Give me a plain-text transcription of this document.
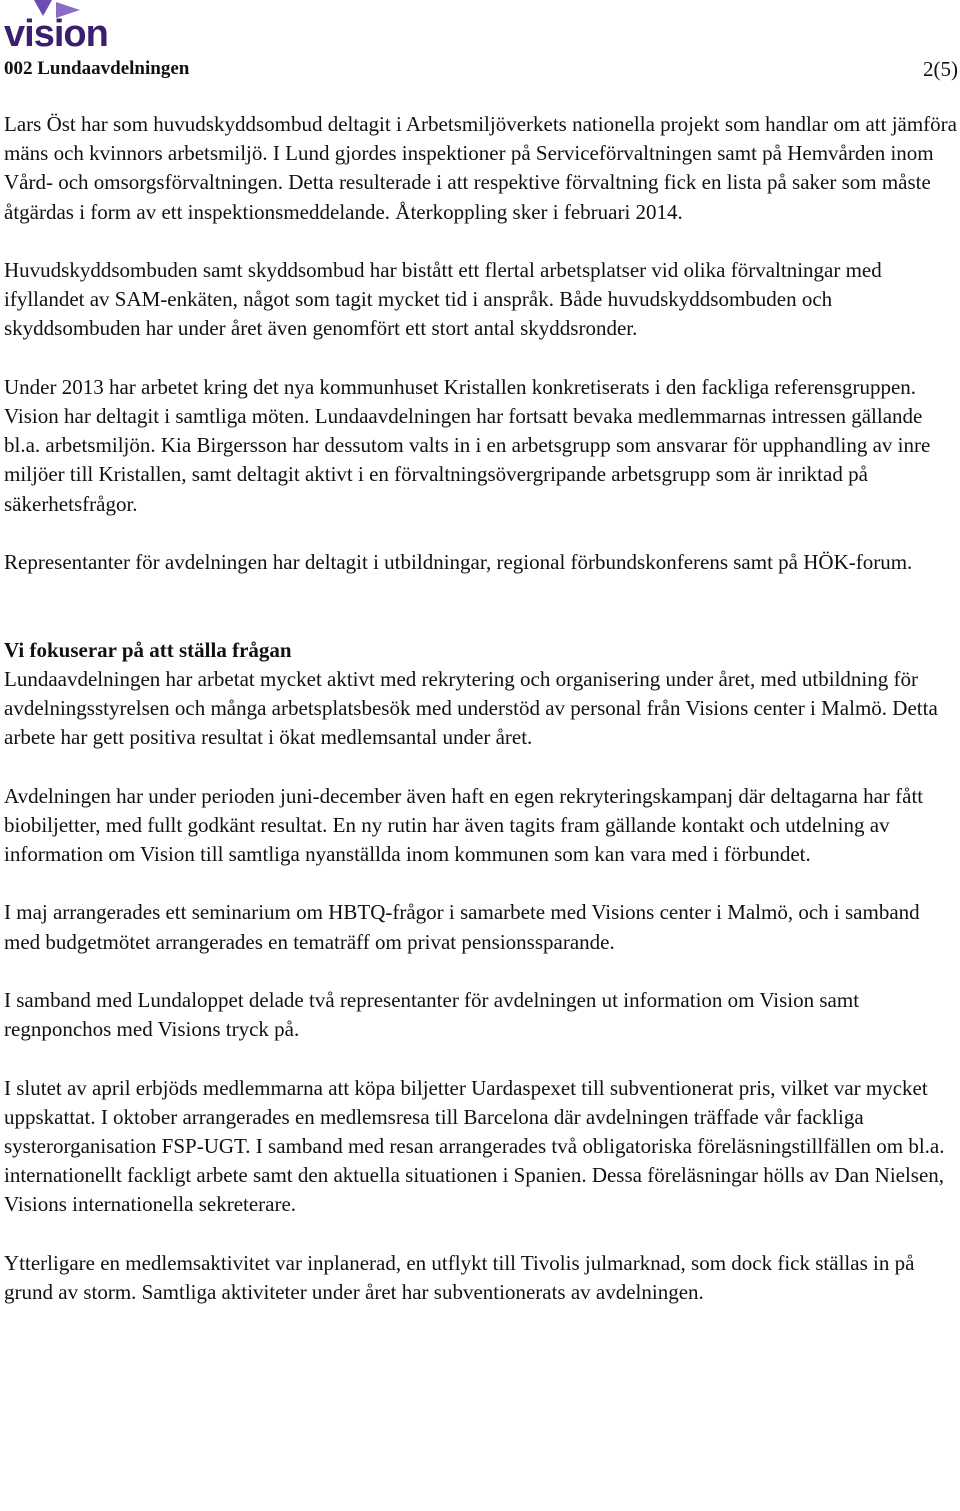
vision
002 Lundaavdelningen	2(5)

Lars Öst har som huvudskyddsombud deltagit i Arbetsmiljöverkets nationella projekt som handlar om att jämföra mäns och kvinnors arbetsmiljö. I Lund gjordes inspektioner på Serviceförvaltningen samt på Hemvården inom Vård- och omsorgsförvaltningen. Detta resulterade i att respektive förvaltning fick en lista på saker som måste åtgärdas i form av ett inspektionsmeddelande. Återkoppling sker i februari 2014.

Huvudskyddsombuden samt skyddsombud har bistått ett flertal arbetsplatser vid olika förvaltningar med ifyllandet av SAM-enkäten, något som tagit mycket tid i anspråk. Både huvudskyddsombuden och skyddsombuden har under året även genomfört ett stort antal skyddsronder.

Under 2013 har arbetet kring det nya kommunhuset Kristallen konkretiserats i den fackliga referensgruppen. Vision har deltagit i samtliga möten. Lundaavdelningen har fortsatt bevaka medlemmarnas intressen gällande bl.a. arbetsmiljön. Kia Birgersson har dessutom valts in i en arbetsgrupp som ansvarar för upphandling av inre miljöer till Kristallen, samt deltagit aktivt i en förvaltningsövergripande arbetsgrupp som är inriktad på säkerhetsfrågor.

Representanter för avdelningen har deltagit i utbildningar, regional förbundskonferens samt på HÖK-forum.

Vi fokuserar på att ställa frågan

Lundaavdelningen har arbetat mycket aktivt med rekrytering och organisering under året, med utbildning för avdelningsstyrelsen och många arbetsplatsbesök med understöd av personal från Visions center i Malmö. Detta arbete har gett positiva resultat i ökat medlemsantal under året.

Avdelningen har under perioden juni-december även haft en egen rekryteringskampanj där deltagarna har fått biobiljetter, med fullt godkänt resultat. En ny rutin har även tagits fram gällande kontakt och utdelning av information om Vision till samtliga nyanställda inom kommunen som kan vara med i förbundet.

I maj arrangerades ett seminarium om HBTQ-frågor i samarbete med Visions center i Malmö, och i samband med budgetmötet arrangerades en tematräff om privat pensionssparande.

I samband med Lundaloppet delade två representanter för avdelningen ut information om Vision samt regnponchos med Visions tryck på.

I slutet av april erbjöds medlemmarna att köpa biljetter Uardaspexet till subventionerat pris, vilket var mycket uppskattat. I oktober arrangerades en medlemsresa till Barcelona där avdelningen träffade vår fackliga systerorganisation FSP-UGT. I samband med resan arrangerades två obligatoriska föreläsningstillfällen om bl.a. internationellt fackligt arbete samt den aktuella situationen i Spanien. Dessa föreläsningar hölls av Dan Nielsen, Visions internationella sekreterare.

Ytterligare en medlemsaktivitet var inplanerad, en utflykt till Tivolis julmarknad, som dock fick ställas in på grund av storm. Samtliga aktiviteter under året har subventionerats av avdelningen.
